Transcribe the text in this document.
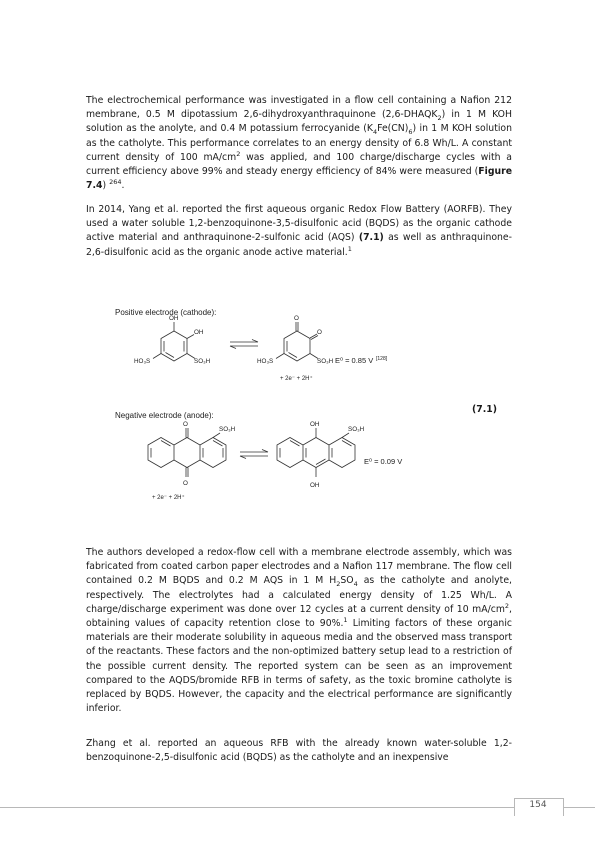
The electrochemical performance was investigated in a flow cell containing a Nafion 212 membrane, 0.5 M dipotassium 2,6-dihydroxyanthraquinone $(2,6-DHAQK_2)$ in 1 M KOH solution as the anolyte, and 0.4 M potassium ferrocyanide $(K_4Fe(CN)_6)$ in 1 M KOH solution as the catholyte. This performance correlates to an energy density of 6.8 Wh/L. A constant current density of 100 $mA/cm^2$ was applied, and 100 charge/discharge cycles with a current efficiency above 99% and steady energy efficiency of 84% were measured (Figure 7.4) $^{264}$.

In 2014, Yang et al. reported the first aqueous organic Redox Flow Battery (AORFB). They used a water soluble 1,2-benzoquinone-3,5-disulfonic acid (BQDS) as the organic cathode active material and anthraquinone-2-sulfonic acid (AQS) (7.1) as well as anthraquinone-2,6-disulfonic acid as the organic anode active material.$^1$

Positive electrode (cathode):
OH
OH
HO₃S	SO₃H
O
O
HO₃S	SO₃H E⁰ = 0.85 V [128]
+ 2e⁻ + 2H⁺
Negative electrode (anode):
O
O
SO₃H
OH
OH
SO₃H
E⁰ = 0.09 V
+ 2e⁻ + 2H⁺
(7.1)

The authors developed a redox-flow cell with a membrane electrode assembly, which was fabricated from coated carbon paper electrodes and a Nafion 117 membrane. The flow cell contained 0.2 M BQDS and 0.2 M AQS in 1 M $H_2SO_4$ as the catholyte and anolyte, respectively. The electrolytes had a calculated energy density of 1.25 Wh/L. A charge/discharge experiment was done over 12 cycles at a current density of 10 $mA/cm^2$, obtaining values of capacity retention close to 90%.$^1$ Limiting factors of these organic materials are their moderate solubility in aqueous media and the observed mass transport of the reactants. These factors and the non-optimized battery setup lead to a restriction of the possible current density. The reported system can be seen as an improvement compared to the AQDS/bromide RFB in terms of safety, as the toxic bromine catholyte is replaced by BQDS. However, the capacity and the electrical performance are significantly inferior.

Zhang et al. reported an aqueous RFB with the already known water-soluble 1,2-benzoquinone-2,5-disulfonic acid (BQDS) as the catholyte and an inexpensive

154
